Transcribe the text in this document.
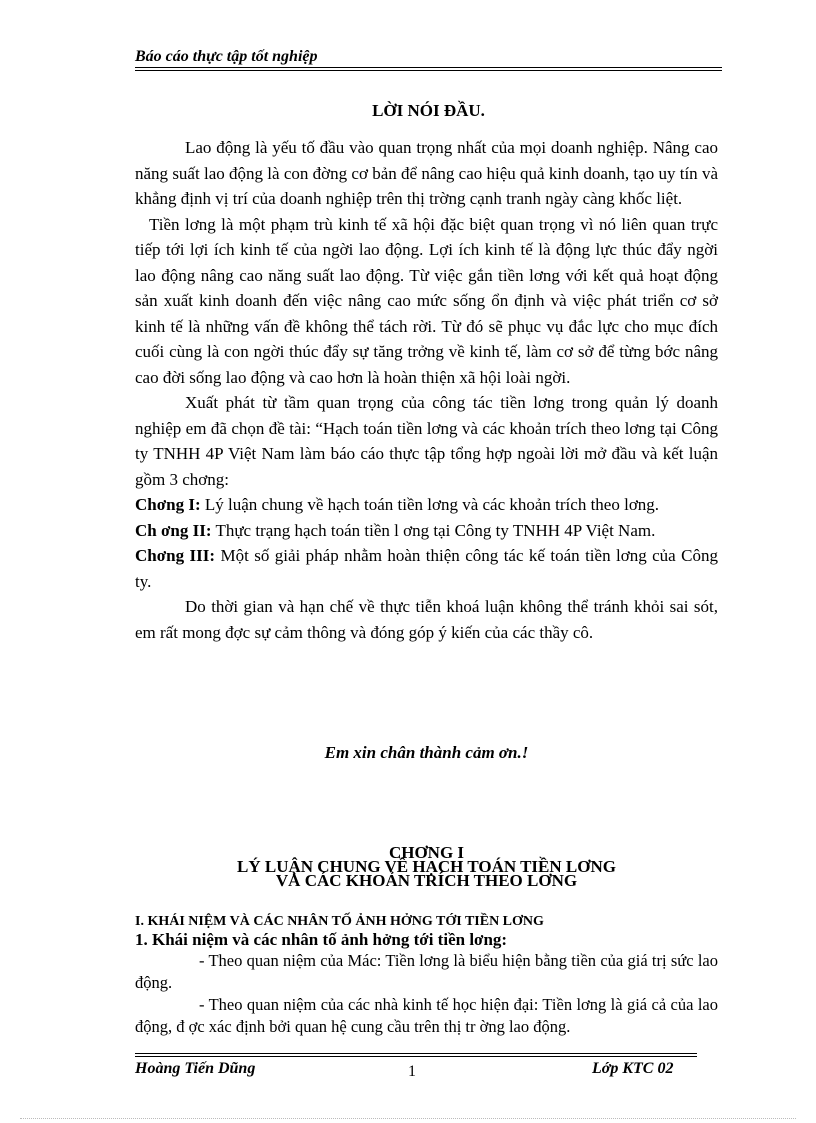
Báo cáo thực tập tốt nghiệp
LỜI NÓI ĐẦU.

Lao động là yếu tố đầu vào quan trọng nhất của mọi doanh nghiệp. Nâng cao năng suất lao động là con đờng cơ bản để nâng cao hiệu quả kinh doanh, tạo uy tín và khẳng định vị trí của doanh nghiệp trên thị trờng cạnh tranh ngày càng khốc liệt.

Tiền lơng là một phạm trù kinh tế xã hội đặc biệt quan trọng vì nó liên quan trực tiếp tới lợi ích kinh tế của ngời lao động. Lợi ích kinh tế là động lực thúc đẩy ngời lao động nâng cao năng suất lao động. Từ việc gắn tiền lơng với kết quả hoạt động sản xuất kinh doanh đến việc nâng cao mức sống ổn định và việc phát triển cơ sở kinh tế là những vấn đề không thể tách rời. Từ đó sẽ phục vụ đắc lực cho mục đích cuối cùng là con ngời thúc đẩy sự tăng trởng về kinh tế, làm cơ sở để từng bớc nâng cao đời sống lao động và cao hơn là hoàn thiện xã hội loài ngời.

Xuất phát từ tầm quan trọng của công tác tiền lơng trong quản lý doanh nghiệp em đã chọn đề tài: “Hạch toán tiền lơng và các khoản trích theo lơng tại Công ty TNHH 4P Việt Nam làm báo cáo thực tập tổng hợp ngoài lời mở đầu và kết luận gồm 3 chơng:

Chơng I: Lý luận chung về hạch toán tiền lơng và các khoản trích theo lơng.

Ch ơng II: Thực trạng hạch toán tiền l ơng tại Công ty TNHH 4P Việt Nam.

Chơng III: Một số giải pháp nhằm hoàn thiện công tác kế toán tiền lơng của Công ty.

Do thời gian và hạn chế về thực tiễn khoá luận không thể tránh khỏi sai sót, em rất mong đợc sự cảm thông và đóng góp ý kiến của các thầy cô.

Em xin chân thành cảm ơn.!
CHƠNG I
LÝ LUẬN CHUNG VỀ HẠCH TOÁN TIỀN LƠNG
VÀ CÁC KHOẢN TRÍCH THEO LƠNG
I. KHÁI NIỆM VÀ CÁC NHÂN TỐ ẢNH HỞNG TỚI TIỀN LƠNG
1. Khái niệm và các nhân tố ảnh hởng tới tiền lơng:

- Theo quan niệm của Mác: Tiền lơng là biểu hiện bằng tiền của giá trị sức lao động.

- Theo quan niệm của các nhà kinh tế học hiện đại: Tiền lơng là giá cả của lao động, đ ợc xác định bởi quan hệ cung cầu trên thị tr ờng lao động.

Hoàng Tiến Dũng	1	Lớp KTC 02
